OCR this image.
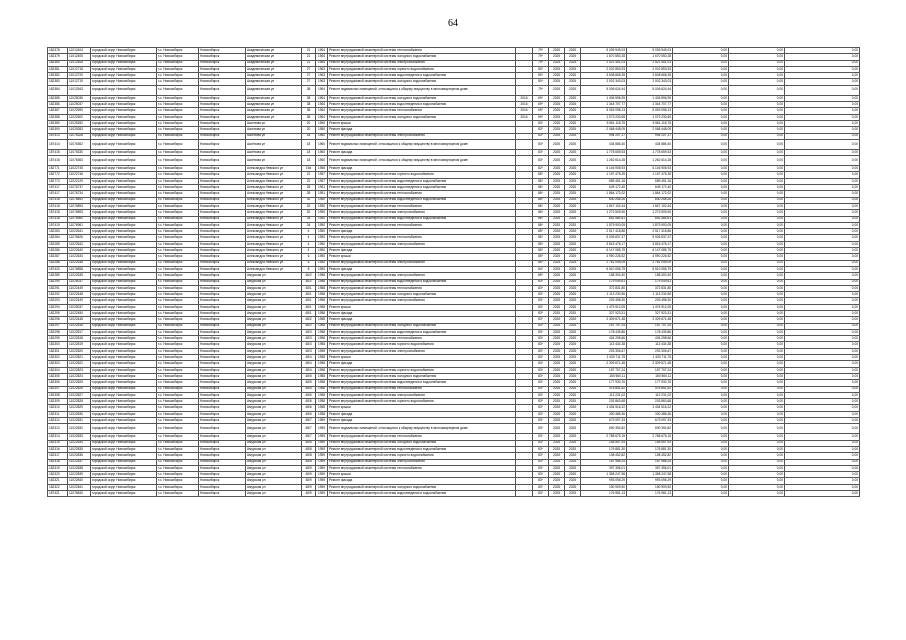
64
182378	11012404	городской округ Новосибирск	г.о. Новосибирск	Новосибирск	Академическая ул	21	1964	Ремонт внутридомовой инженерной системы теплоснабжения		79*	2025	2025	5 039 949,03	5 039 949,03	0,00	0,00	0,00
182379	11012405	городской округ Новосибирск	г.о. Новосибирск	Новосибирск	Академическая ул	21	1964	Ремонт внутридомовой инженерной системы холодного водоснабжения		79*	2025	2025	1 670 550,28	1 670 550,28	0,00	0,00	0,00
182380	11012406	городской округ Новосибирск	г.о. Новосибирск	Новосибирск	Академическая ул	21	1964	Ремонт внутридомовой инженерной системы электроснабжения		79*	2025	2025	2 521 451,03	2 521 451,03	0,00	0,00	0,00
182381	11012718	городской округ Новосибирск	г.о. Новосибирск	Новосибирск	Академическая ул	27	1963	Ремонт внутридомовой инженерной системы горячего водоснабжения		80*	2025	2025	2 002 853,93	2 002 853,93	0,00	0,00	0,00
182382	11012720	городской округ Новосибирск	г.о. Новосибирск	Новосибирск	Академическая ул	27	1963	Ремонт внутридомовой инженерной системы водоотведения и водоснабжения		80*	2025	2025	3 608 665,35	3 608 665,35	0,00	0,00	0,00
182383	11012719	городской округ Новосибирск	г.о. Новосибирск	Новосибирск	Академическая ул	27	1963	Ремонт внутридомовой инженерной системы холодного водоснабжения		80*	2025	2025	2 002 343,03	2 002 343,03	0,00	0,00	0,00
182384	11012543	городской округ Новосибирск	г.о. Новосибирск	Новосибирск	Академическая ул	38	1964	Ремонт подвальных помещений, относящихся к общему имуществу в многоквартирном доме		79*	2025	2025	5 006 624,44	5 006 624,44	0,00	0,00	0,00
182385	11025036	городской округ Новосибирск	г.о. Новосибирск	Новосибирск	Академическая ул	38	1964	Ремонт внутридомовой инженерной системы холодного водоснабжения	2016	69*	2025	2025	1 406 596,99	1 406 596,99	0,00	0,00	0,00
182386	11025037	городской округ Новосибирск	г.о. Новосибирск	Новосибирск	Академическая ул	38	1964	Ремонт внутридомовой инженерной системы водоотведения и водоснабжения	2016	69*	2025	2025	1 344 707,77	1 344 707,77	0,00	0,00	0,00
182387	11022599	городской округ Новосибирск	г.о. Новосибирск	Новосибирск	Академическая ул	38	1964	Ремонт внутридомовой инженерной системы теплоснабжения	2016	69*	2025	2025	5 053 098,13	5 053 098,13	0,00	0,00	0,00
182388	11022600	городской округ Новосибирск	г.о. Новосибирск	Новосибирск	Академическая ул	38	1964	Ремонт внутридомовой инженерной системы холодного водоснабжения	2016	69*	2025	2025	1 073 230,65	1 073 230,65	0,00	0,00	0,00
182389	11025282	городской округ Новосибирск	г.о. Новосибирск	Новосибирск	Аксенова ул	20	1950	Ремонт крыши		83*	2025	2025	5 561 118,75	5 561 118,75	0,00	0,00	0,00
182390	11025283	городской округ Новосибирск	г.о. Новосибирск	Новосибирск	Аксенова ул	20	1950	Ремонт фасада		83*	2025	2025	2 068 448,09	2 068 448,09	0,00	0,00	0,00
187413	11076328	городской округ Новосибирск	г.о. Новосибирск	Новосибирск	Аксёнова ул	18	1960	Ремонт внутридомовой инженерной системы электроснабжения		83*	2025	2025	994 207,17	994 207,17	0,00	0,00	0,00
187414	11076362	городской округ Новосибирск	г.о. Новосибирск	Новосибирск	Аксёнова ул	18	1960	Ремонт подвальных помещений, относящихся к общему имуществу в многоквартирном доме		83*	2025	2025	434 886,40	434 886,40	0,00	0,00	0,00
187415	11076330	городской округ Новосибирск	г.о. Новосибирск	Новосибирск	Аксёнова ул	18	1960	Ремонт фасада		83*	2025	2025	1 778 659,53	1 778 659,53	0,00	0,00	0,00
187416	11076363	городской округ Новосибирск	г.о. Новосибирск	Новосибирск	Аксёнова ул	18	1960	Ремонт подвальных помещений, относящихся к общему имуществу в многоквартирном доме		83*	2025	2025	1 262 614,28	1 262 614,28	0,00	0,00	0,00
182771	11022745	городской округ Новосибирск	г.о. Новосибирск	Новосибирск	Александра Невского ул	19а	1958	Ремонт фасада		82*	2025	2025	6 146 905,93	6 146 905,93	0,00	0,00	0,00
182772	11022746	городской округ Новосибирск	г.о. Новосибирск	Новосибирск	Александра Невского ул	22	1957	Ремонт внутридомовой инженерной системы горячего водоснабжения		85*	2025	2025	1 197 475,39	1 197 475,39	0,00	0,00	0,00
182773	11022129	городской округ Новосибирск	г.о. Новосибирск	Новосибирск	Александра Невского ул	22	1957	Ремонт внутридомовой инженерной системы водоотведения и водоснабжения		85*	2025	2025	689 451,16	689 451,16	0,00	0,00	0,00
187417	11076737	городской округ Новосибирск	г.о. Новосибирск	Новосибирск	Александра Невского ул	28	1951	Ремонт внутридомовой инженерной системы водоотведения и водоснабжения		86*	2025	2025	649 172,40	649 172,40	0,00	0,00	0,00
187417	11076734	городской округ Новосибирск	г.о. Новосибирск	Новосибирск	Александра Невского ул	28	1951	Ремонт внутридомовой инженерной системы теплоснабжения		86*	2025	2025	1 864 172,02	1 864 172,02	0,00	0,00	0,00
187418	11076892	городской округ Новосибирск	г.о. Новосибирск	Новосибирск	Александра Невского ул	32	1950	Ремонт внутридомовой инженерной системы водоотведения и водоснабжения		86*	2025	2025	640 256,26	640 256,26	0,00	0,00	0,00
187418	11076894	городской округ Новосибирск	г.о. Новосибирск	Новосибирск	Александра Невского ул	32	1950	Ремонт внутридомовой инженерной системы теплоснабжения		86*	2025	2025	1 847 102,44	1 847 102,44	0,00	0,00	0,00
187418	11076893	городской округ Новосибирск	г.о. Новосибирск	Новосибирск	Александра Невского ул	32	1950	Ремонт внутридомовой инженерной системы электроснабжения		86*	2025	2025	1 273 509,90	1 273 509,90	0,00	0,00	0,00
187418	11076960	городской округ Новосибирск	г.о. Новосибирск	Новосибирск	Александра Невского ул	34	1950	Ремонт внутридомовой инженерной системы водоотведения и водоснабжения		86*	2025	2025	651 584,61	651 584,61	0,00	0,00	0,00
187419	11076961	городской округ Новосибирск	г.о. Новосибирск	Новосибирск	Александра Невского ул	34	1950	Ремонт внутридомовой инженерной системы теплоснабжения		86*	2025	2025	1 879 900,05	1 879 900,05	0,00	0,00	0,00
182283	11022641	городской округ Новосибирск	г.о. Новосибирск	Новосибирск	Александра Невского ул	4	1950	Ремонт фасада		85*	2025	2025	2 517 418,86	2 517 418,86	0,00	0,00	0,00
182284	11076626	городской округ Новосибирск	г.о. Новосибирск	Новосибирск	Александра Невского ул	4	1950	Ремонт внутридомовой инженерной системы теплоснабжения		85*	2025	2025	5 006 837,37	5 006 837,37	0,00	0,00	0,00
182285	11022642	городской округ Новосибирск	г.о. Новосибирск	Новосибирск	Александра Невского ул	4	1950	Ремонт внутридомовой инженерной системы электроснабжения		85*	2025	2025	3 815 476,17	3 815 476,17	0,00	0,00	0,00
182286	11022640	городской округ Новосибирск	г.о. Новосибирск	Новосибирск	Александра Невского ул	4	1950	Ремонт фасада		85*	2025	2025	6 147 085,75	6 147 085,75	0,00	0,00	0,00
182287	11022634	городской округ Новосибирск	г.о. Новосибирск	Новосибирск	Александра Невского ул	6	1950	Ремонт крыши		85*	2025	2025	4 990 226,52	4 990 226,52	0,00	0,00	0,00
182288	11022636	городской округ Новосибирск	г.о. Новосибирск	Новосибирск	Александра Невского ул	6	1950	Ремонт внутридомовой инженерной системы электроснабжения		85*	2025	2025	2 781 049,09	2 781 049,09	0,00	0,00	0,00
187420	11076858	городской округ Новосибирск	г.о. Новосибирск	Новосибирск	Александра Невского ул	8	1950	Ремонт фасада		84*	2025	2025	6 510 055,79	6 510 055,79	0,00	0,00	0,00
182289	11022635	городской округ Новосибирск	г.о. Новосибирск	Новосибирск	Амурская ул	46/2	1958	Ремонт внутридомовой инженерной системы электроснабжения		89*	2025	2025	158 300,40	158 300,40	0,00	0,00	0,00
182290	11025037	городской округ Новосибирск	г.о. Новосибирск	Новосибирск	Амурская ул	46/2	1958	Ремонт внутридомовой инженерной системы водоотведения и водоснабжения		83*	2025	2025	179 049,61	179 049,61	0,00	0,00	0,00
182291	11022449	городской округ Новосибирск	г.о. Новосибирск	Новосибирск	Амурская ул	48/1	1958	Ремонт внутридомовой инженерной системы теплоснабжения		83*	2025	2025	372 831,80	372 831,80	0,00	0,00	0,00
182292	11022448	городской округ Новосибирск	г.о. Новосибирск	Новосибирск	Амурская ул	48/1	1958	Ремонт внутридомовой инженерной системы холодного водоснабжения		83*	2025	2025	1 113 230,96	1 113 230,96	0,00	0,00	0,00
182293	11022449	городской округ Новосибирск	г.о. Новосибирск	Новосибирск	Амурская ул	48/1	1958	Ремонт внутридомовой инженерной системы электроснабжения		83*	2025	2025	203 498,30	203 498,30	0,00	0,00	0,00
182294	11025037	городской округ Новосибирск	г.о. Новосибирск	Новосибирск	Амурская ул	48/1	1958	Ремонт крыши		83*	2025	2025	1 475 912,05	1 475 912,05	0,00	0,00	0,00
182295	11022450	городской округ Новосибирск	г.о. Новосибирск	Новосибирск	Амурская ул	48/1	1958	Ремонт фасада		83*	2025	2025	327 923,31	327 923,31	0,00	0,00	0,00
182296	11022448	городской округ Новосибирск	г.о. Новосибирск	Новосибирск	Амурская ул	48/2	1958	Ремонт фасада		83*	2025	2025	2 309 671,48	2 309 671,48	0,00	0,00	0,00
182297	11022816	городской округ Новосибирск	г.о. Новосибирск	Новосибирск	Амурская ул	48/2	1958	Ремонт внутридомовой инженерной системы холодного водоснабжения		83*	2025	2025	157 707,24	157 707,24	0,00	0,00	0,00
182298	11022817	городской округ Новосибирск	г.о. Новосибирск	Новосибирск	Амурская ул	48/3	1958	Ремонт внутридомовой инженерной системы водоотведения и водоснабжения		83*	2025	2025	178 435,86	178 435,86	0,00	0,00	0,00
182299	11022818	городской округ Новосибирск	г.о. Новосибирск	Новосибирск	Амурская ул	48/3	1958	Ремонт внутридомовой инженерной системы теплоснабжения		83*	2025	2025	404 298,66	404 298,66	0,00	0,00	0,00
182300	11022819	городской округ Новосибирск	г.о. Новосибирск	Новосибирск	Амурская ул	48/3	1958	Ремонт внутридомовой инженерной системы горячего водоснабжения		83*	2025	2025	113 434,38	113 434,38	0,00	0,00	0,00
182301	11022820	городской округ Новосибирск	г.о. Новосибирск	Новосибирск	Амурская ул	48/3	1958	Ремонт внутридомовой инженерной системы электроснабжения		83*	2025	2025	203 306,67	203 306,67	0,00	0,00	0,00
182302	11022821	городской округ Новосибирск	г.о. Новосибирск	Новосибирск	Амурская ул	48/4	1958	Ремонт крыши		83*	2025	2025	1 430 711,75	1 430 711,75	0,00	0,00	0,00
182303	11022822	городской округ Новосибирск	г.о. Новосибирск	Новосибирск	Амурская ул	48/4	1958	Ремонт фасада		83*	2025	2025	2 309 671,48	2 309 671,48	0,00	0,00	0,00
182304	11022823	городской округ Новосибирск	г.о. Новосибирск	Новосибирск	Амурская ул	48/4	1958	Ремонт внутридомовой инженерной системы горячего водоснабжения		83*	2025	2025	157 707,24	157 707,24	0,00	0,00	0,00
182305	11022824	городской округ Новосибирск	г.о. Новосибирск	Новосибирск	Амурская ул	48/5	1958	Ремонт внутридомовой инженерной системы холодного водоснабжения		83*	2025	2025	150 560,11	150 560,11	0,00	0,00	0,00
182306	11022825	городской округ Новосибирск	г.о. Новосибирск	Новосибирск	Амурская ул	48/5	1958	Ремонт внутридомовой инженерной системы водоотведения и водоснабжения		83*	2025	2025	177 930,76	177 930,76	0,00	0,00	0,00
182307	11022826	городской округ Новосибирск	г.о. Новосибирск	Новосибирск	Амурская ул	48/5	1958	Ремонт внутридомовой инженерной системы теплоснабжения		83*	2025	2025	476 851,52	476 851,52	0,00	0,00	0,00
182308	11022827	городской округ Новосибирск	г.о. Новосибирск	Новосибирск	Амурская ул	48/6	1958	Ремонт внутридомовой инженерной системы электроснабжения		83*	2025	2025	112 231,02	112 231,02	0,00	0,00	0,00
182309	11022828	городской округ Новосибирск	г.о. Новосибирск	Новосибирск	Амурская ул	48/6	1958	Ремонт внутридомовой инженерной системы горячего водоснабжения		83*	2025	2025	203 863,68	203 863,68	0,00	0,00	0,00
182310	11022829	городской округ Новосибирск	г.о. Новосибирск	Новосибирск	Амурская ул	48/6	1958	Ремонт крыши		83*	2025	2025	1 434 516,22	1 434 516,22	0,00	0,00	0,00
182311	11022830	городской округ Новосибирск	г.о. Новосибирск	Новосибирск	Амурская ул	48/6	1958	Ремонт фасада		83*	2025	2025	330 486,36	330 486,36	0,00	0,00	0,00
182312	11022831	городской округ Новосибирск	г.о. Новосибирск	Новосибирск	Амурская ул	48/7	1959	Ремонт фасада		83*	2025	2025	673 097,33	673 097,33	0,00	0,00	0,00
182313	11022832	городской округ Новосибирск	г.о. Новосибирск	Новосибирск	Амурская ул	48/7	1959	Ремонт подвальных помещений, относящихся к общему имуществу в многоквартирном доме		83*	2025	2025	690 394,82	690 394,82	0,00	0,00	0,00
182314	11022833	городской округ Новосибирск	г.о. Новосибирск	Новосибирск	Амурская ул	48/7	1959	Ремонт внутридомовой инженерной системы теплоснабжения		83*	2025	2025	2 788 675,15	2 788 675,15	0,00	0,00	0,00
182315	11022834	городской округ Новосибирск	г.о. Новосибирск	Новосибирск	Амурская ул	48/8	1959	Ремонт внутридомовой инженерной системы холодного водоснабжения		83*	2025	2025	155 597,93	155 597,93	0,00	0,00	0,00
182316	11022835	городской округ Новосибирск	г.о. Новосибирск	Новосибирск	Амурская ул	48/8	1959	Ремонт внутридомовой инженерной системы водоотведения и водоснабжения		83*	2025	2025	176 881,30	176 881,30	0,00	0,00	0,00
182317	11022836	городской округ Новосибирск	г.о. Новосибирск	Новосибирск	Амурская ул	48/8	1959	Ремонт внутридомовой инженерной системы горячего водоснабжения		83*	2025	2025	108 452,82	108 452,82	0,00	0,00	0,00
182318	11022837	городской округ Новосибирск	г.о. Новосибирск	Новосибирск	Амурская ул	48/8	1959	Ремонт внутридомовой инженерной системы электроснабжения		83*	2025	2025	187 988,24	187 988,24	0,00	0,00	0,00
182319	11022838	городской округ Новосибирск	г.о. Новосибирск	Новосибирск	Амурская ул	48/9	1959	Ремонт внутридомовой инженерной системы теплоснабжения		83*	2025	2025	397 356,01	397 356,01	0,00	0,00	0,00
182320	11022839	городской округ Новосибирск	г.о. Новосибирск	Новосибирск	Амурская ул	48/9	1959	Ремонт крыши		83*	2025	2025	1 358 247,58	1 358 247,58	0,00	0,00	0,00
182321	11022840	городской округ Новосибирск	г.о. Новосибирск	Новосибирск	Амурская ул	48/9	1959	Ремонт фасада		83*	2025	2025	993 096,29	993 096,29	0,00	0,00	0,00
182322	11022841	городской округ Новосибирск	г.о. Новосибирск	Новосибирск	Амурская ул	48/9	1959	Ремонт внутридомовой инженерной системы холодного водоснабжения		83*	2025	2025	150 909,50	150 909,50	0,00	0,00	0,00
187421	11076840	городской округ Новосибирск	г.о. Новосибирск	Новосибирск	Амурская ул	48/9	1959	Ремонт внутридомовой инженерной системы водоотведения и водоснабжения		83*	2025	2025	176 981,13	176 981,13	0,00	0,00	0,00
